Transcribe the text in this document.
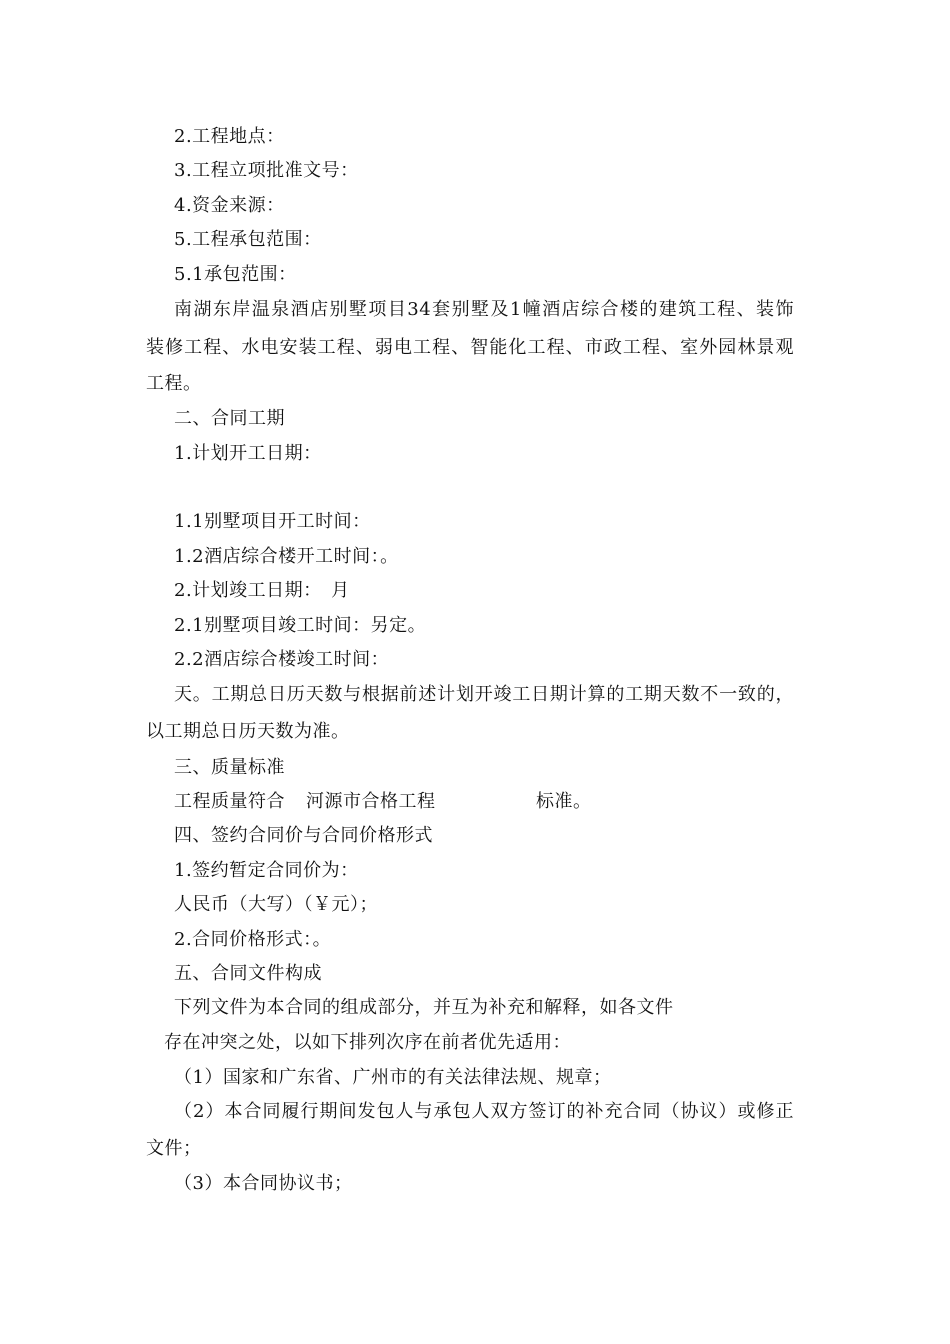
2.工程地点：
3.工程立项批准文号：
4.资金来源：
5.工程承包范围：
5.1承包范围：
南湖东岸温泉酒店别墅项目34套别墅及1幢酒店综合楼的建筑工程、装饰
装修工程、水电安装工程、弱电工程、智能化工程、市政工程、室外园林景观
工程。
二、合同工期
1.计划开工日期：
1.1别墅项目开工时间：
1.2酒店综合楼开工时间：。
2.计划竣工日期：　月
2.1别墅项目竣工时间：另定。
2.2酒店综合楼竣工时间：
天。工期总日历天数与根据前述计划开竣工日期计算的工期天数不一致的，
以工期总日历天数为准。
三、质量标准
工程质量符合 河源市合格工程	标准。
四、签约合同价与合同价格形式
1.签约暂定合同价为：
人民币（大写）（￥元）；
2.合同价格形式：。
五、合同文件构成
下列文件为本合同的组成部分，并互为补充和解释，如各文件
存在冲突之处，以如下排列次序在前者优先适用：
（1）国家和广东省、广州市的有关法律法规、规章；
（2）本合同履行期间发包人与承包人双方签订的补充合同（协议）或修正
文件；
（3）本合同协议书；
